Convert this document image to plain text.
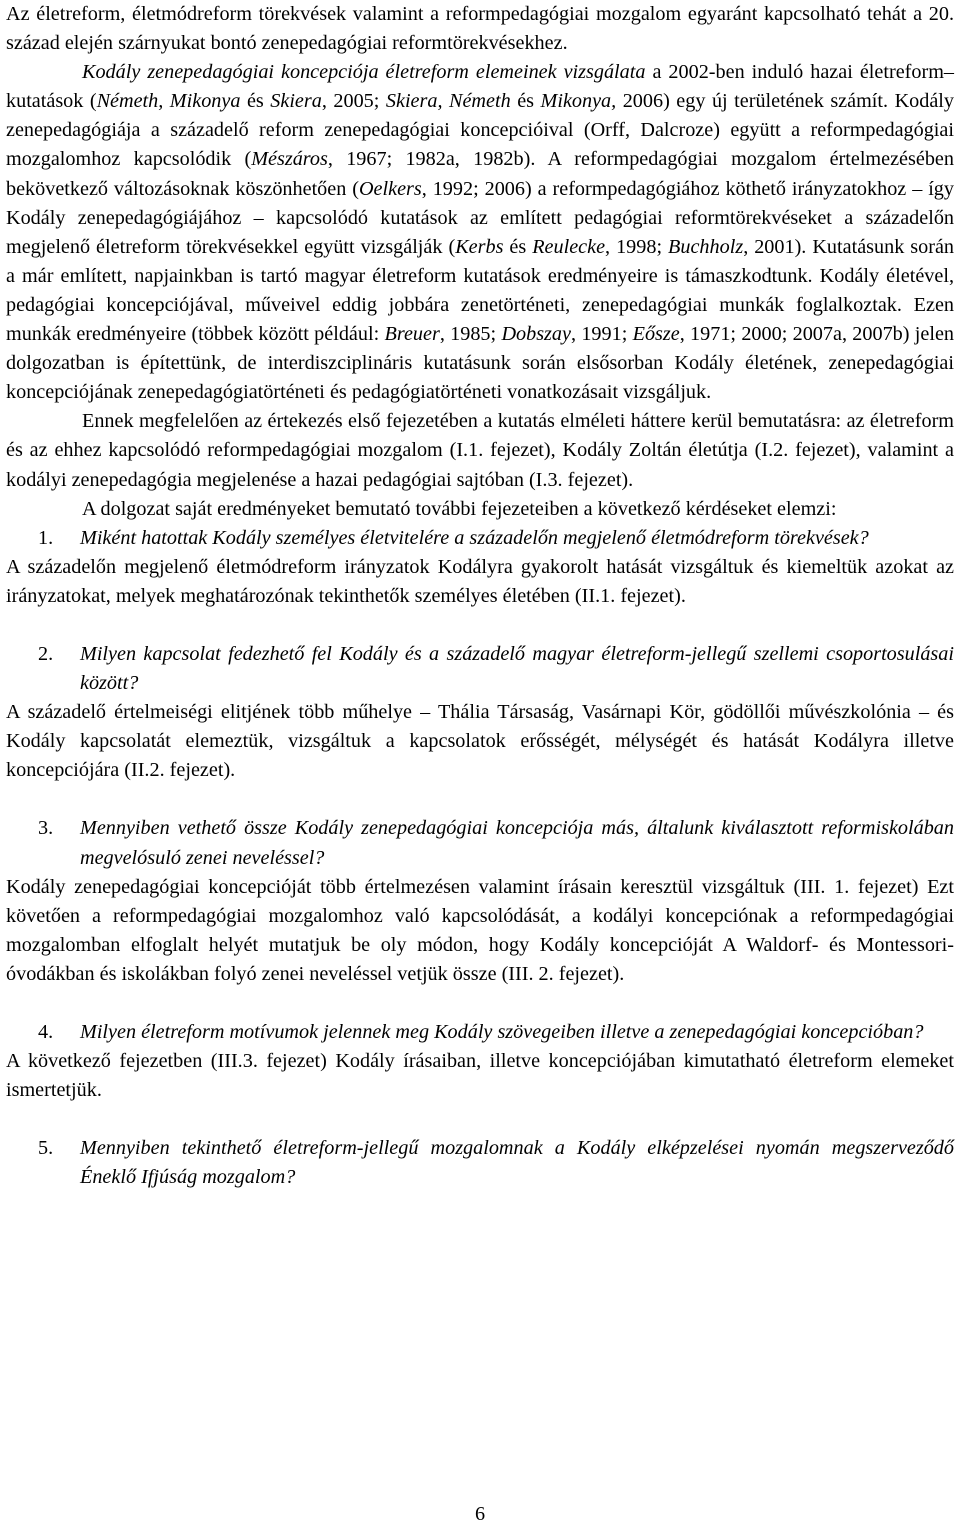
Az életreform, életmódreform törekvések valamint a reformpedagógiai mozgalom egyaránt kapcsolható tehát a 20. század elején szárnyukat bontó zenepedagógiai reformtörekvésekhez.

Kodály zenepedagógiai koncepciója életreform elemeinek vizsgálata a 2002-ben induló hazai életreform–kutatások (Németh, Mikonya és Skiera, 2005; Skiera, Németh és Mikonya, 2006) egy új területének számít. Kodály zenepedagógiája a századelő reform zenepedagógiai koncepcióival (Orff, Dalcroze) együtt a reformpedagógiai mozgalomhoz kapcsolódik (Mészáros, 1967; 1982a, 1982b). A reformpedagógiai mozgalom értelmezésében bekövetkező változásoknak köszönhetően (Oelkers, 1992; 2006) a reformpedagógiához köthető irányzatokhoz – így Kodály zenepedagógiájához – kapcsolódó kutatások az említett pedagógiai reformtörekvéseket a századelőn megjelenő életreform törekvésekkel együtt vizsgálják (Kerbs és Reulecke, 1998; Buchholz, 2001). Kutatásunk során a már említett, napjainkban is tartó magyar életreform kutatások eredményeire is támaszkodtunk. Kodály életével, pedagógiai koncepciójával, műveivel eddig jobbára zenetörténeti, zenepedagógiai munkák foglalkoztak. Ezen munkák eredményeire (többek között például: Breuer, 1985; Dobszay, 1991; Eősze, 1971; 2000; 2007a, 2007b) jelen dolgozatban is építettünk, de interdiszciplináris kutatásunk során elsősorban Kodály életének, zenepedagógiai koncepciójának zenepedagógiatörténeti és pedagógiatörténeti vonatkozásait vizsgáljuk.

Ennek megfelelően az értekezés első fejezetében a kutatás elméleti háttere kerül bemutatásra: az életreform és az ehhez kapcsolódó reformpedagógiai mozgalom (I.1. fejezet), Kodály Zoltán életútja (I.2. fejezet), valamint a kodályi zenepedagógia megjelenése a hazai pedagógiai sajtóban (I.3. fejezet).

A dolgozat saját eredményeket bemutató további fejezeteiben a következő kérdéseket elemzi:

1.	Miként hatottak Kodály személyes életvitelére a századelőn megjelenő életmódreform törekvések?

A századelőn megjelenő életmódreform irányzatok Kodályra gyakorolt hatását vizsgáltuk és kiemeltük azokat az irányzatokat, melyek meghatározónak tekinthetők személyes életében (II.1. fejezet).

2.	Milyen kapcsolat fedezhető fel Kodály és a századelő magyar életreform-jellegű szellemi csoportosulásai között?

A századelő értelmeiségi elitjének több műhelye – Thália Társaság, Vasárnapi Kör, gödöllői művészkolónia – és Kodály kapcsolatát elemeztük, vizsgáltuk a kapcsolatok erősségét, mélységét és hatását Kodályra illetve koncepciójára (II.2. fejezet).

3.	Mennyiben vethető össze Kodály zenepedagógiai koncepciója más, általunk kiválasztott reformiskolában megvelósuló zenei neveléssel?

Kodály zenepedagógiai koncepcióját több értelmezésen valamint írásain keresztül vizsgáltuk (III. 1. fejezet) Ezt követően a reformpedagógiai mozgalomhoz való kapcsolódását, a kodályi koncepciónak a reformpedagógiai mozgalomban elfoglalt helyét mutatjuk be oly módon, hogy Kodály koncepcióját A Waldorf- és Montessori-óvodákban és iskolákban folyó zenei neveléssel vetjük össze (III. 2. fejezet).

4.	Milyen életreform motívumok jelennek meg Kodály szövegeiben illetve a zenepedagógiai koncepcióban?

A következő fejezetben (III.3. fejezet) Kodály írásaiban, illetve koncepciójában kimutatható életreform elemeket ismertetjük.

5.	Mennyiben tekinthető életreform-jellegű mozgalomnak a Kodály elképzelései nyomán megszerveződő Éneklő Ifjúság mozgalom?
6
